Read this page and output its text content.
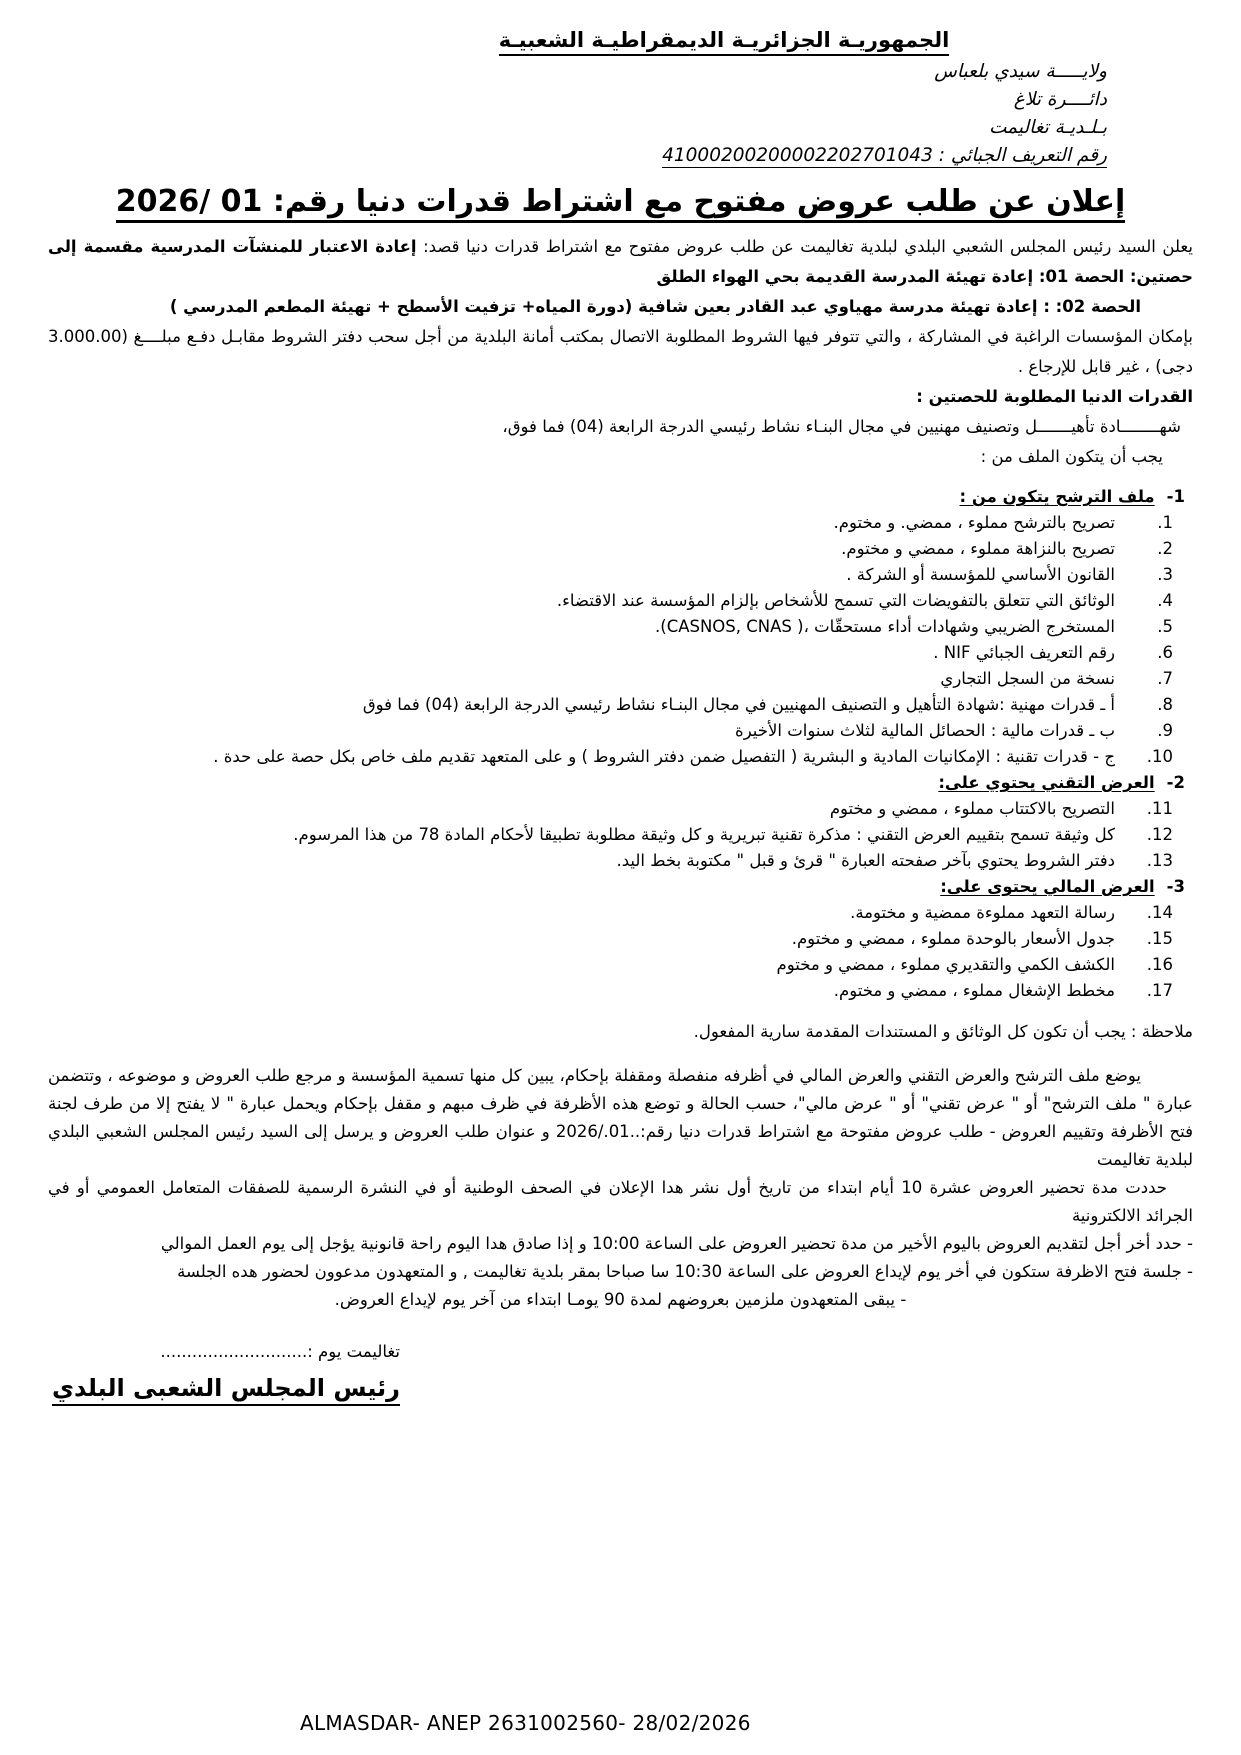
الجمهوريـة الجزائريـة الديمقراطيـة الشعبيـة
ولايـــــة سيدي بلعباس
دائــــرة تلاغ
بـلـديـة تغاليمت
رقم التعريف الجبائي : 41000200200002202701043
إعلان عن طلب عروض مفتوح مع اشتراط قدرات دنيا رقم: 01 /2026

يعلن السيد رئيس المجلس الشعبي البلدي لبلدية تغاليمت عن طلب عروض مفتوح مع اشتراط قدرات دنيا قصد: إعادة الاعتبار للمنشآت المدرسية مقسمة إلى حصتين: الحصة 01: إعادة تهيئة المدرسة القديمة بحي الهواء الطلق

الحصة 02: : إعادة تهيئة مدرسة مهياوي عبد القادر بعين شافية (دورة المياه+ تزفيت الأسطح + تهيئة المطعم المدرسي )

بإمكان المؤسسات الراغبة في المشاركة ، والتي تتوفر فيها الشروط المطلوبة الاتصال بمكتب أمانة البلدية من أجل سحب دفتر الشروط مقابـل دفـع مبلــــغ (3.000.00 دجى) ، غير قابل للإرجاع .

القدرات الدنيا المطلوبة للحصتين :

شهــــــــادة تأهيـــــــل وتصنيف مهنيين في مجال البنـاء نشاط رئيسي الدرجة الرابعة (04) فما فوق،

يجب أن يتكون الملف من :

1-
ملف الترشح يتكون من :
1.
تصريح بالترشح مملوء ، ممضي. و مختوم.
2.
تصريح بالنزاهة مملوء ، ممضي و مختوم.
3.
القانون الأساسي للمؤسسة أو الشركة .
4.
الوثائق التي تتعلق بالتفويضات التي تسمح للأشخاص بإلزام المؤسسة عند الاقتضاء.
5.
المستخرج الضريبي وشهادات أداء مستحقّات ،( CASNOS, CNAS).
6.
رقم التعريف الجبائي NIF .
7.
نسخة من السجل التجاري
8.
أ ـ قدرات مهنية :شهادة التأهيل و التصنيف المهنيين في مجال البنـاء نشاط رئيسي الدرجة الرابعة (04) فما فوق
9.
ب ـ قدرات مالية : الحصائل المالية لثلاث سنوات الأخيرة
10.
ج - قدرات تقنية : الإمكانيات المادية و البشرية ( التفصيل ضمن دفتر الشروط ) و على المتعهد تقديم ملف خاص بكل حصة على حدة .
2-
العرض التقني يحتوي على:
11.
التصريح بالاكتتاب مملوء ، ممضي و مختوم
12.
كل وثيقة تسمح بتقييم العرض التقني : مذكرة تقنية تبريرية و كل وثيقة مطلوبة تطبيقا لأحكام المادة 78 من هذا المرسوم.
13.
دفتر الشروط يحتوي بآخر صفحته العبارة " قرئ و قبل " مكتوبة بخط اليد.
3-
العرض المالي يحتوى على:
14.
رسالة التعهد مملوءة ممضية و مختومة.
15.
جدول الأسعار بالوحدة مملوء ، ممضي و مختوم.
16.
الكشف الكمي والتقديري مملوء ، ممضي و مختوم
17.
مخطط الإشغال مملوء ، ممضي و مختوم.

ملاحظة : يجب أن تكون كل الوثائق و المستندات المقدمة سارية المفعول.

يوضع ملف الترشح والعرض التقني والعرض المالي في أظرفه منفصلة ومقفلة بإحكام، يبين كل منها تسمية المؤسسة و مرجع طلب العروض و موضوعه ، وتتضمن عبارة " ملف الترشح" أو " عرض تقني" أو " عرض مالي"، حسب الحالة و توضع هذه الأظرفة في ظرف مبهم و مقفل بإحكام ويحمل عبارة " لا يفتح إلا من طرف لجنة فتح الأظرفة وتقييم العروض - طلب عروض مفتوحة مع اشتراط قدرات دنيا رقم:..01./2026 و عنوان طلب العروض و يرسل إلى السيد رئيس المجلس الشعبي البلدي لبلدية تغاليمت

حددت مدة تحضير العروض عشرة 10 أيام ابتداء من تاريخ أول نشر هدا الإعلان في الصحف الوطنية أو في النشرة الرسمية للصفقات المتعامل العمومي أو في الجرائد الالكترونية

- حدد أخر أجل لتقديم العروض باليوم الأخير من مدة تحضير العروض على الساعة 10:00 و إذا صادق هدا اليوم راحة قانونية يؤجل إلى يوم العمل الموالي
- جلسة فتح الاظرفة ستكون في أخر يوم لإيداع العروض على الساعة 10:30 سا صباحا بمقر بلدية تغاليمت , و المتعهدون مدعوون لحضور هده الجلسة
- يبقى المتعهدون ملزمين بعروضهم لمدة 90 يومـا ابتداء من آخر يوم لإيداع العروض.
تغاليمت يوم :............................
رئيس المجلس الشعبى البلدي
ALMASDAR- ANEP 2631002560- 28/02/2026
